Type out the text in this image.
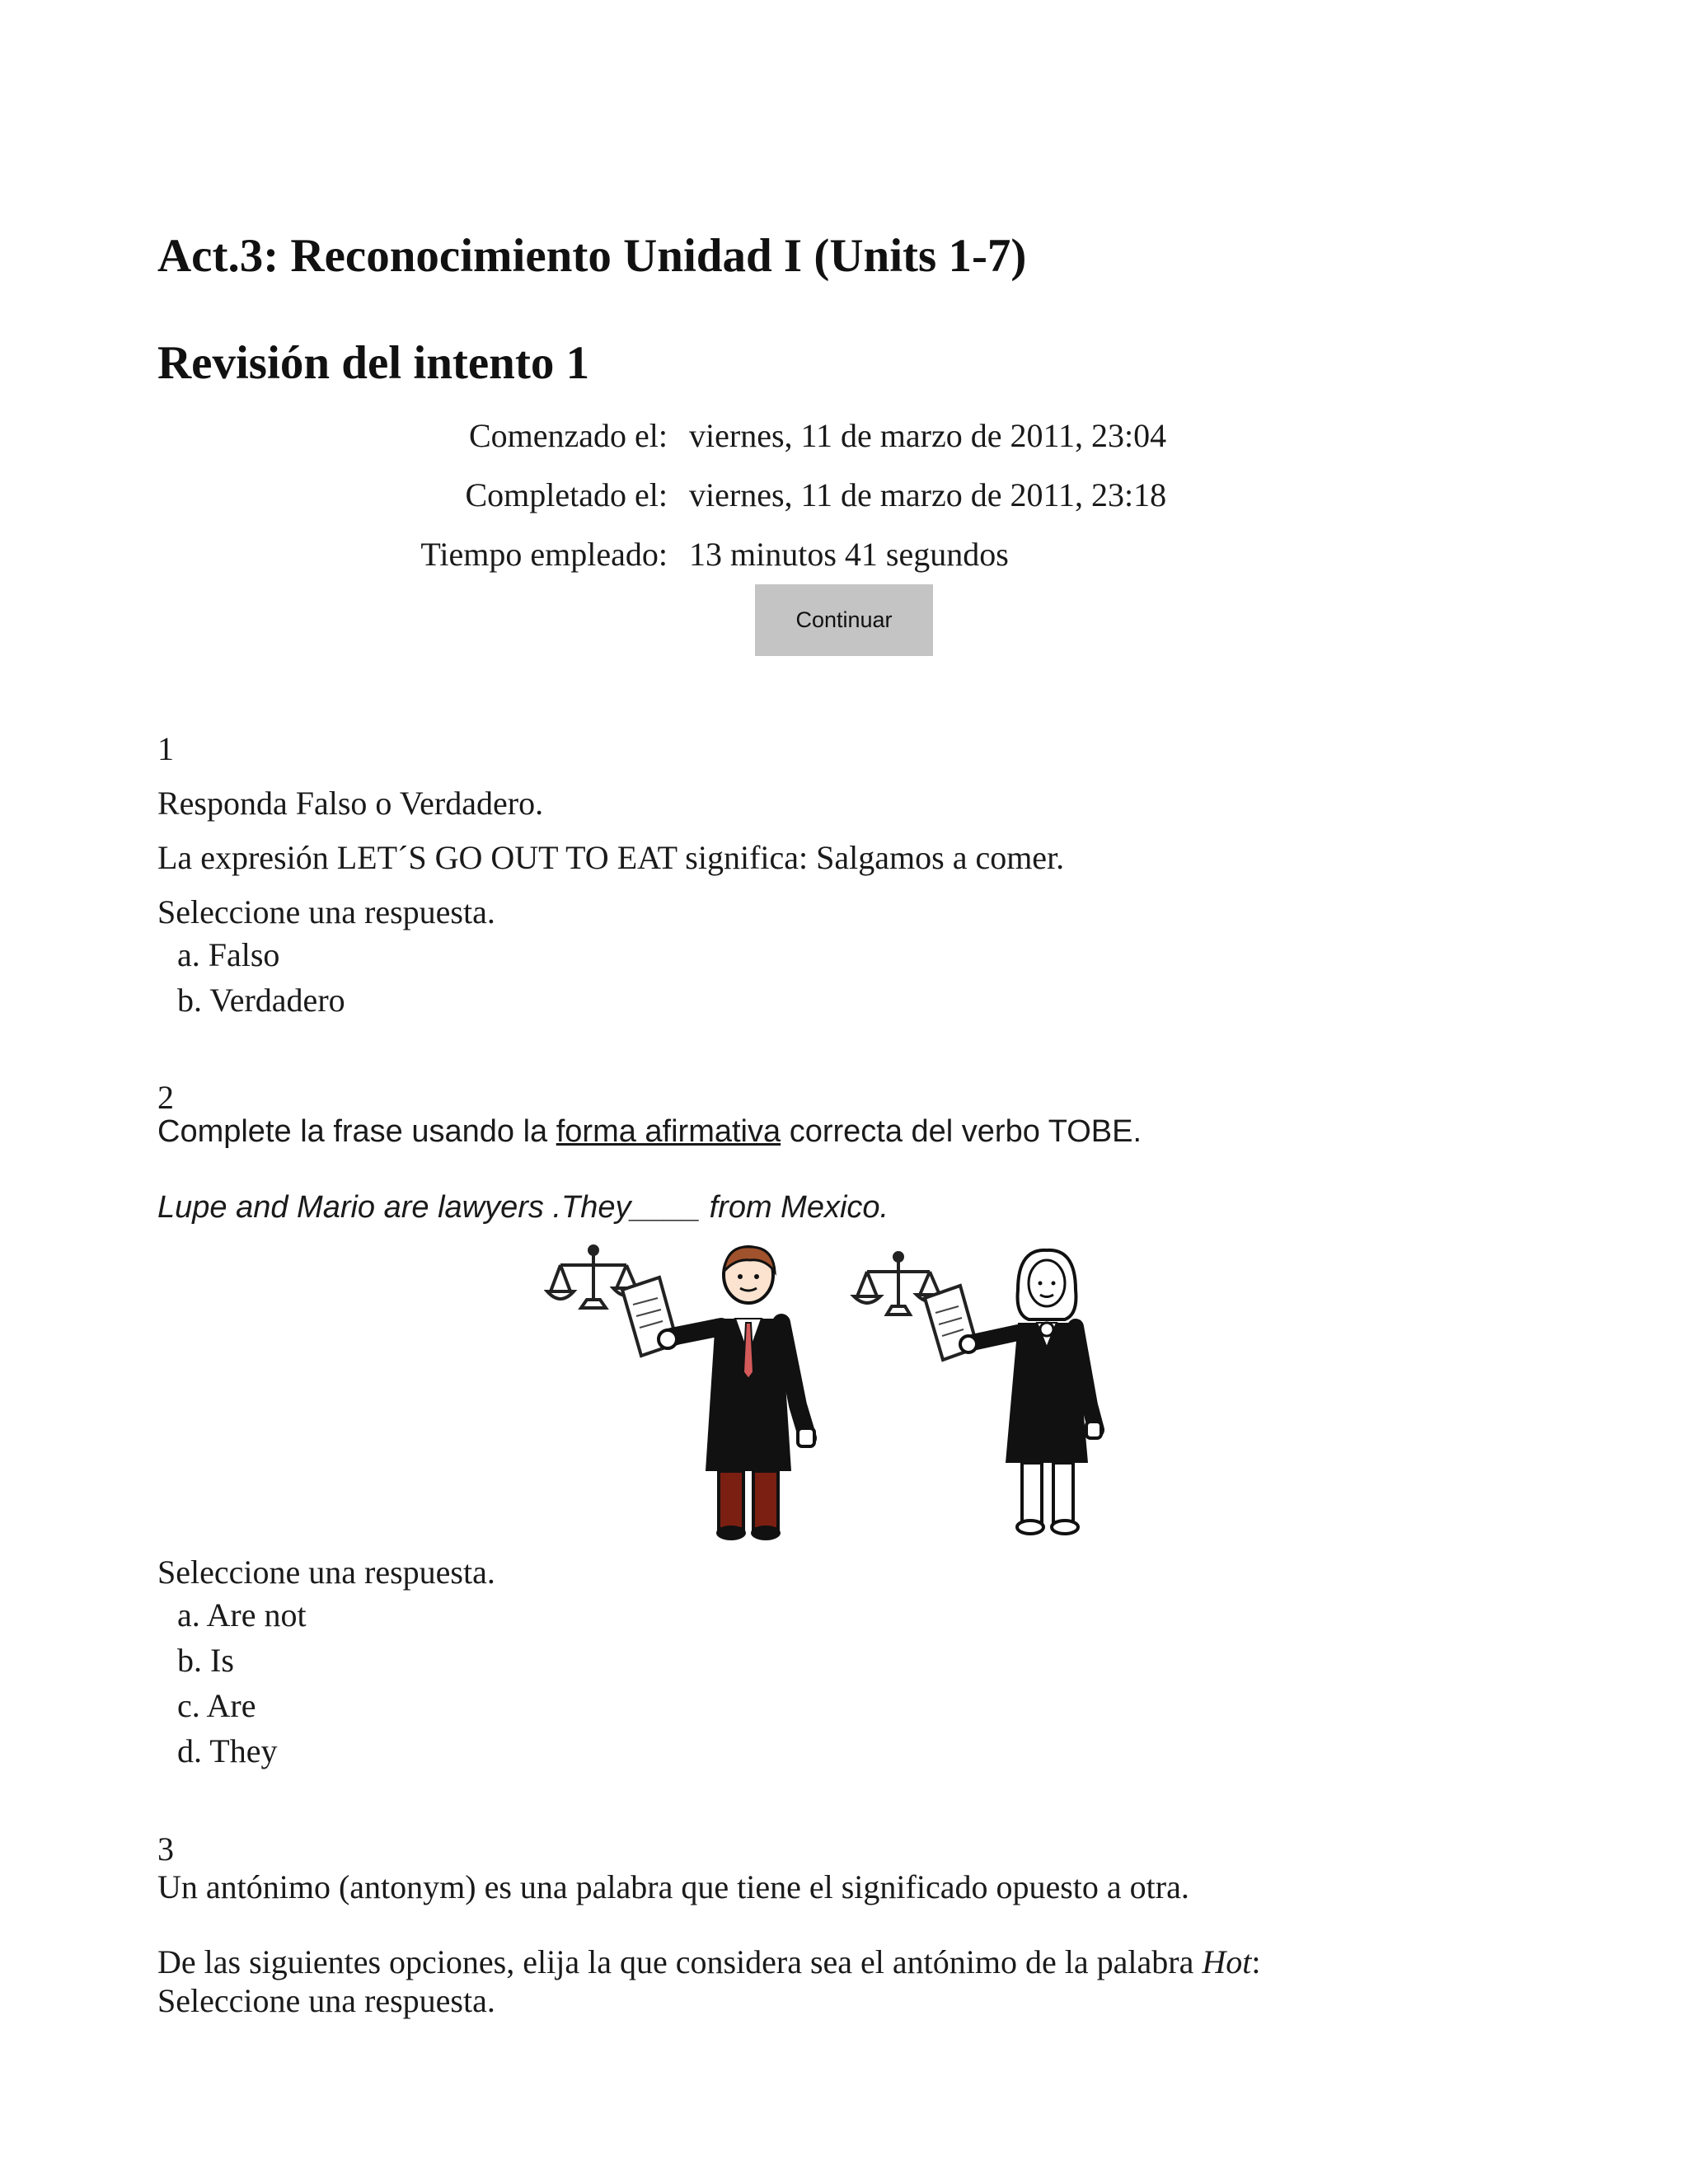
Act.3: Reconocimiento Unidad I (Units 1-7)
Revisión del intento 1
Comenzado el: viernes, 11 de marzo de 2011, 23:04
Completado el: viernes, 11 de marzo de 2011, 23:18
Tiempo empleado: 13 minutos 41 segundos
Continuar
1
Responda Falso o Verdadero.
La expresión LET´S GO OUT TO EAT significa: Salgamos a comer.
Seleccione una respuesta.
a. Falso
b. Verdadero
2
Complete la frase usando la forma afirmativa correcta del verbo TOBE.
Lupe and Mario are lawyers .They____ from Mexico.
Seleccione una respuesta.
a. Are not
b. Is
c. Are
d. They
3
Un antónimo (antonym) es una palabra que tiene el significado opuesto a otra.
De las siguientes opciones, elija la que considera sea el antónimo de la palabra Hot:
Seleccione una respuesta.
